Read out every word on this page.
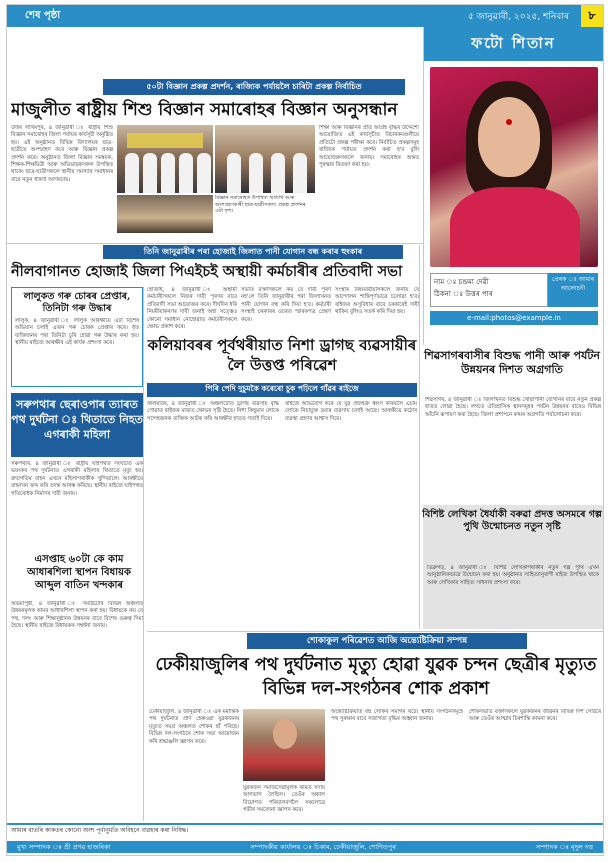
শেষ পৃষ্ঠা	৫ জানুৱাৰী, ২০২৫, শনিবাৰ	৮
৫০টা বিজ্ঞান প্ৰকল্প প্ৰদৰ্শন, ৰাজ্যিক পৰ্যায়লৈ চাৰিটা প্ৰকল্প নিৰ্বাচিত
মাজুলীত ৰাষ্ট্ৰীয় শিশু বিজ্ঞান সমাৰোহৰ বিজ্ঞান অনুসন্ধান
উত্তৰ লখিমপুৰ, ৪ জানুৱাৰী ঃ ৰাষ্ট্ৰীয় শিশু বিজ্ঞান সমাৰোহৰ জিলা পৰ্যায়ৰ কাৰ্যসূচী অনুষ্ঠিত হয়। এই অনুষ্ঠানত বিভিন্ন বিদ্যালয়ৰ ছাত্ৰ-ছাত্ৰীয়ে অংশগ্ৰহণ কৰে আৰু বিজ্ঞান প্ৰকল্প প্ৰদৰ্শন কৰে। অনুষ্ঠানত জিলা বিজ্ঞান সমন্বয়ক, শিক্ষক-শিক্ষয়িত্ৰী আৰু অভিভাৱকসকল উপস্থিত থাকে। ছাত্ৰ-ছাত্ৰীসকলে স্থানীয় সমস্যাৰ সমাধানৰ বাবে নতুন ধাৰণা আগবঢ়ায়।
বিজ্ঞান সমাৰোহত উপস্থিত অতিথি আৰু অংশগ্ৰহণকাৰী ছাত্ৰ-ছাত্ৰীসকল। প্ৰকল্প প্ৰদৰ্শনৰ এটা দৃশ্য।
শিক্ষা আৰু বিজ্ঞানৰ প্ৰতি আগ্ৰহ বৃদ্ধিৰ উদ্দেশ্যে আয়োজিত এই কাৰ্যসূচীত বিচাৰকমণ্ডলীয়ে প্ৰতিটো প্ৰকল্প পৰীক্ষা কৰে। নিৰ্বাচিত প্ৰকল্পসমূহ ৰাজ্যিক পৰ্যায়ত প্ৰদৰ্শন কৰা হ'ব বুলি আয়োজকসকলে জনায়। সমাৰোহৰ অন্তত পুৰস্কাৰ বিতৰণ কৰা হয়।
ফটো শিতান
নাম ঃ চন্দ্ৰমা দেৱী
ঠিকনা ঃ উত্তৰ পাৰ
প্ৰেৰক ঃ আমাৰ আলোচনী
e-mail:photos@example.in
তিনি জানুৱাৰীৰ পৰা হোজাই জিলাত পানী যোগান বন্ধ কৰাৰ হুংকাৰ
নীলবাগানত হোজাই জিলা পিএইচই অস্থায়ী কৰ্মচাৰীৰ প্ৰতিবাদী সভা
লালুকত গৰু চোৰৰ প্ৰেপ্তাৰ, তিনিটা গৰু উদ্ধাৰ
লালুক, ৪ জানুৱাৰী ঃ লালুক আৰক্ষীয়ে এটা বিশেষ অভিযান চলাই এজন গৰু চোৰক প্ৰেপ্তাৰ কৰে। ধৃত ব্যক্তিজনৰ পৰা তিনিটা চুৰি হোৱা গৰু উদ্ধাৰ কৰা হয়। স্থানীয় ৰাইজে আৰক্ষীৰ এই কাৰ্যক প্ৰশংসা কৰে।
হোজাই, ৪ জানুৱাৰী ঃ অস্থায়ী কৰ্মচাৰীসকলে নিজৰ দাবী পূৰণৰ বাবে প্ৰতিবাদী সভা আয়োজন কৰে। দীৰ্ঘদিন ধৰি নিয়মীয়াকৰণৰ দাবী জনাই অহা সত্ত্বেও কোনো সমাধান নোহোৱাত কৰ্মচাৰীসকলে ক্ষোভ প্ৰকাশ কৰে।
সভাত বক্তাসকলে কয় যে দাবী পূৰণ নহ'লে তিনি জানুৱাৰীৰ পৰা জিলাখনত পানী যোগান বন্ধ কৰি দিয়া হ'ব। কৰ্মচাৰী সংস্থাই চৰকাৰৰ ওচৰত স্মাৰকপত্ৰ প্ৰেৰণ কৰে।
সংস্থাৰ বিষয়ববীয়াসকলে জনায় যে আন্দোলন শান্তিপূৰ্ণভাৱে চলোৱা হ'ব। ৰাইজৰ অসুবিধাৰ বাবে চৰকাৰেই দায়ী থাকিব বুলিও সতৰ্ক কৰি দিয়া হয়।
কলিয়াবৰৰ পূৰ্বথৰীয়াত নিশা ড্ৰাগছ ব্যৱসায়ীৰ লৈ উত্তপ্ত পৰিৱেশ
পিৰি পেদি দুচুমকৈ কৰেৰো চুক পঢ়িলে গাঁৱৰ ৰাইজে
কলিয়াবৰ, ৪ জানুৱাৰী ঃ অঞ্চলটোত ড্ৰাগছ ব্যৱসায় বৃদ্ধি পোৱাত ৰাইজৰ মাজত ক্ষোভৰ সৃষ্টি হৈছে। নিশা কিছুমান লোকে সন্দেহজনক ব্যক্তিক আটক কৰি আৰক্ষীৰ হাতত গতাই দিয়ে।
ৰাইজে অভিযোগ কৰে যে যুৱ প্ৰজন্মক ধ্বংস কৰিবলৈ এচাম লোকে নিচাযুক্ত দ্ৰব্যৰ ব্যৱসায় চলাই আছে। আৰক্ষীয়ে কঠোৰ ব্যৱস্থা গ্ৰহণৰ আশ্বাস দিয়ে।
শিৱসাগৰবাসীৰ বিশুদ্ধ পানী আৰু পৰ্যটন উন্নয়নৰ দিশত অগ্ৰগতি
শিৱসাগৰ, ৪ জানুৱাৰী ঃ জিলাখনত বিশুদ্ধ খোৱাপানী যোগানৰ বাবে নতুন প্ৰকল্প হাতত লোৱা হৈছে। লগতে ঐতিহাসিক স্থানসমূহৰ পৰ্যটন উন্নয়নৰ বাবেও বিভিন্ন আঁচনি ৰূপায়ণ কৰা হৈছে। জিলা প্ৰশাসনে কামৰ অগ্ৰগতি পৰ্যালোচনা কৰে।
বিশিষ্ট লেখিকা ধৈৰ্যাকী বৰুৱা প্ৰদত্ত অসমৰে গল্প পুথি উন্মোচনত নতুন সৃষ্টি
ডিব্ৰুগড়, ৪ জানুৱাৰী ঃ বিশিষ্ট লেখিকাগৰাকীৰ নতুন গল্প পুথি এখন আনুষ্ঠানিকভাৱে উন্মোচন কৰা হয়। অনুষ্ঠানত সাহিত্যানুৰাগী ৰাইজ উপস্থিত থাকে আৰু লেখিকাৰ সাহিত্য সাধনাৰ প্ৰশংসা কৰে।
সৰুপথাৰ ছেৰাওপাৰ ত্যাৰত পথ দুৰ্ঘটনা ঃ থিতাতে নিহত এগৰাকী মহিলা
সৰুপথাৰ, ৪ জানুৱাৰী ঃ ৰাষ্ট্ৰীয় ঘাইপথত সংঘটিত এক ভয়ংকৰ পথ দুৰ্ঘটনাত এগৰাকী মহিলাৰ থিতাতে মৃত্যু হয়। দ্ৰুতগতিৰ বাহন এখনে মহিলাগৰাকীক খুন্দিয়ালে। আৰক্ষীয়ে বাহনখন জব্দ কৰি তদন্ত আৰম্ভ কৰিছে। স্থানীয় ৰাইজে ঘাইপথত গতিৰোধক নিৰ্মাণৰ দাবী জনায়।
এসপ্তাহ ৬০টা কে কাম আধাৰশিলা স্থাপন বিধায়ক আব্দুল বাতিন খন্দকাৰ
অভয়াপুৰী, ৪ জানুৱাৰী ঃ সমষ্টিটোৰ বিভিন্ন অঞ্চলত উন্নয়নমূলক কামৰ আধাৰশিলা স্থাপন কৰা হয়। বিধায়কে কয় যে পথ, দলং আৰু শিক্ষানুষ্ঠানৰ উন্নয়নৰ বাবে বিশেষ গুৰুত্ব দিয়া হৈছে। স্থানীয় ৰাইজে বিধায়কক সম্বৰ্ধনা জনায়।
শোকাকুল পৰিৱেশত আজি অন্ত্যেষ্টিক্ৰিয়া সম্পন্ন
ঢেকীয়াজুলিৰ পথ দুৰ্ঘটনাত মৃত্যু হোৱা যুৱক চন্দন ছেত্ৰীৰ মৃত্যুত বিভিন্ন দল-সংগঠনৰ শোক প্ৰকাশ
ঢেকীয়াজুলি, ৪ জানুৱাৰী ঃ এক মৰ্মান্তিক পথ দুৰ্ঘটনাত প্ৰাণ হেৰুওৱা যুৱকজনৰ মৃত্যুত সমগ্ৰ অঞ্চলত শোকৰ ছাঁ পৰিছে। বিভিন্ন দল-সংগঠনে শোক সভা আয়োজন কৰি শ্ৰদ্ধাঞ্জলি জ্ঞাপন কৰে।
যুৱকজন সমাজসেৱামূলক কামত সদায় আগভাগ লৈছিল। তেওঁৰ অকাল বিয়োগত পৰিয়ালবৰ্গলৈ সকলোৱে গভীৰ সমবেদনা জ্ঞাপন কৰে।
অন্ত্যেষ্টিক্ৰিয়াত বহু লোকৰ সমাগম ঘটে। স্থানীয় সংগঠনসমূহে পথ সুৰক্ষাৰ বাবে সজাগতা বৃদ্ধিৰ আহ্বান জনায়।
শোকসভাত বক্তাসকলে যুৱকজনৰ জীৱনৰ বিভিন্ন দিশ সোঁৱৰে আৰু তেওঁৰ আত্মাৰ চিৰশান্তি কামনা কৰে।
আমাৰ বাতৰি কাকতৰ কোনো অংশ পূৰ্বানুমতি অবিহনে ব্যৱহাৰ কৰা নিষিদ্ধ।
মুখ্য সম্পাদক ঃ শ্ৰী প্ৰণৱ হাজৰিকা	সম্পাদকীয় কাৰ্যালয় ঃ চিকাৰ, ঢেকীয়াজুলি, শোণিতপুৰ	সম্পাদক ঃ মৃদুল দত্ত
